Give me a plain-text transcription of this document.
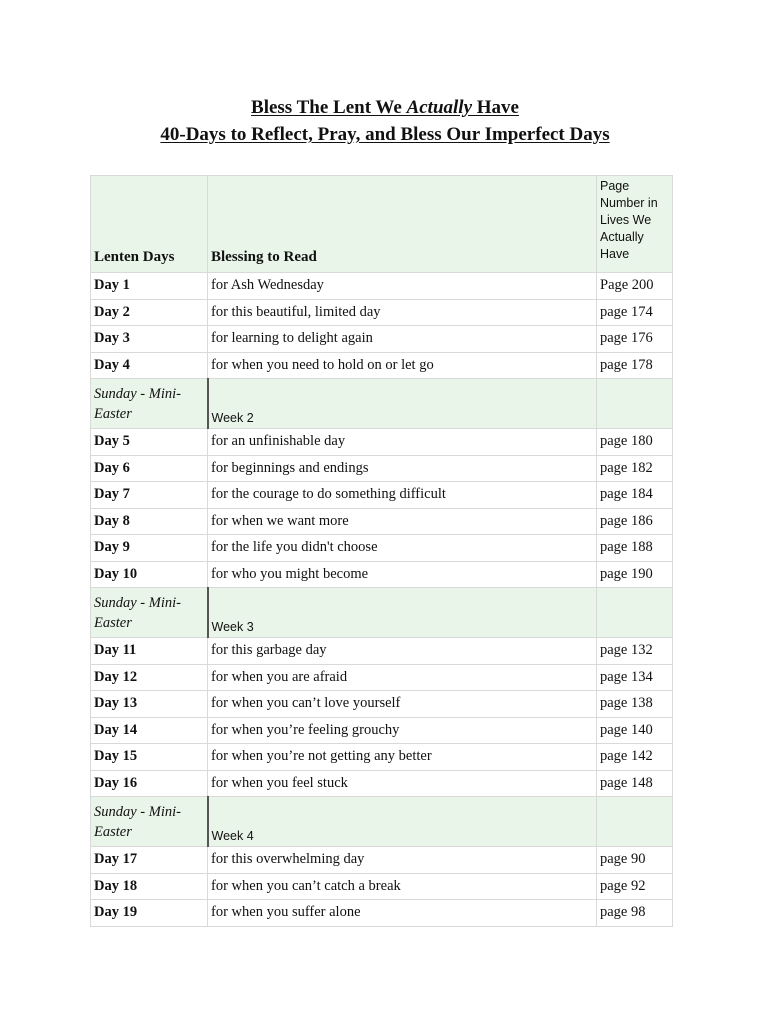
Bless The Lent We Actually Have
40-Days to Reflect, Pray, and Bless Our Imperfect Days
Lenten Days	Blessing to Read	Page
Number in
Lives We
Actually
Have

Day 1	for Ash Wednesday	Page 200
Day 2	for this beautiful, limited day	page 174
Day 3	for learning to delight again	page 176
Day 4	for when you need to hold on or let go	page 178

Sunday - Mini-
Easter	Week 2	
Day 5	for an unfinishable day	page 180
Day 6	for beginnings and endings	page 182
Day 7	for the courage to do something difficult	page 184
Day 8	for when we want more	page 186
Day 9	for the life you didn't choose	page 188
Day 10	for who you might become	page 190

Sunday - Mini-
Easter	Week 3	
Day 11	for this garbage day	page 132
Day 12	for when you are afraid	page 134
Day 13	for when you can’t love yourself	page 138
Day 14	for when you’re feeling grouchy	page 140
Day 15	for when you’re not getting any better	page 142
Day 16	for when you feel stuck	page 148

Sunday - Mini-
Easter	Week 4	
Day 17	for this overwhelming day	page 90
Day 18	for when you can’t catch a break	page 92
Day 19	for when you suffer alone	page 98
